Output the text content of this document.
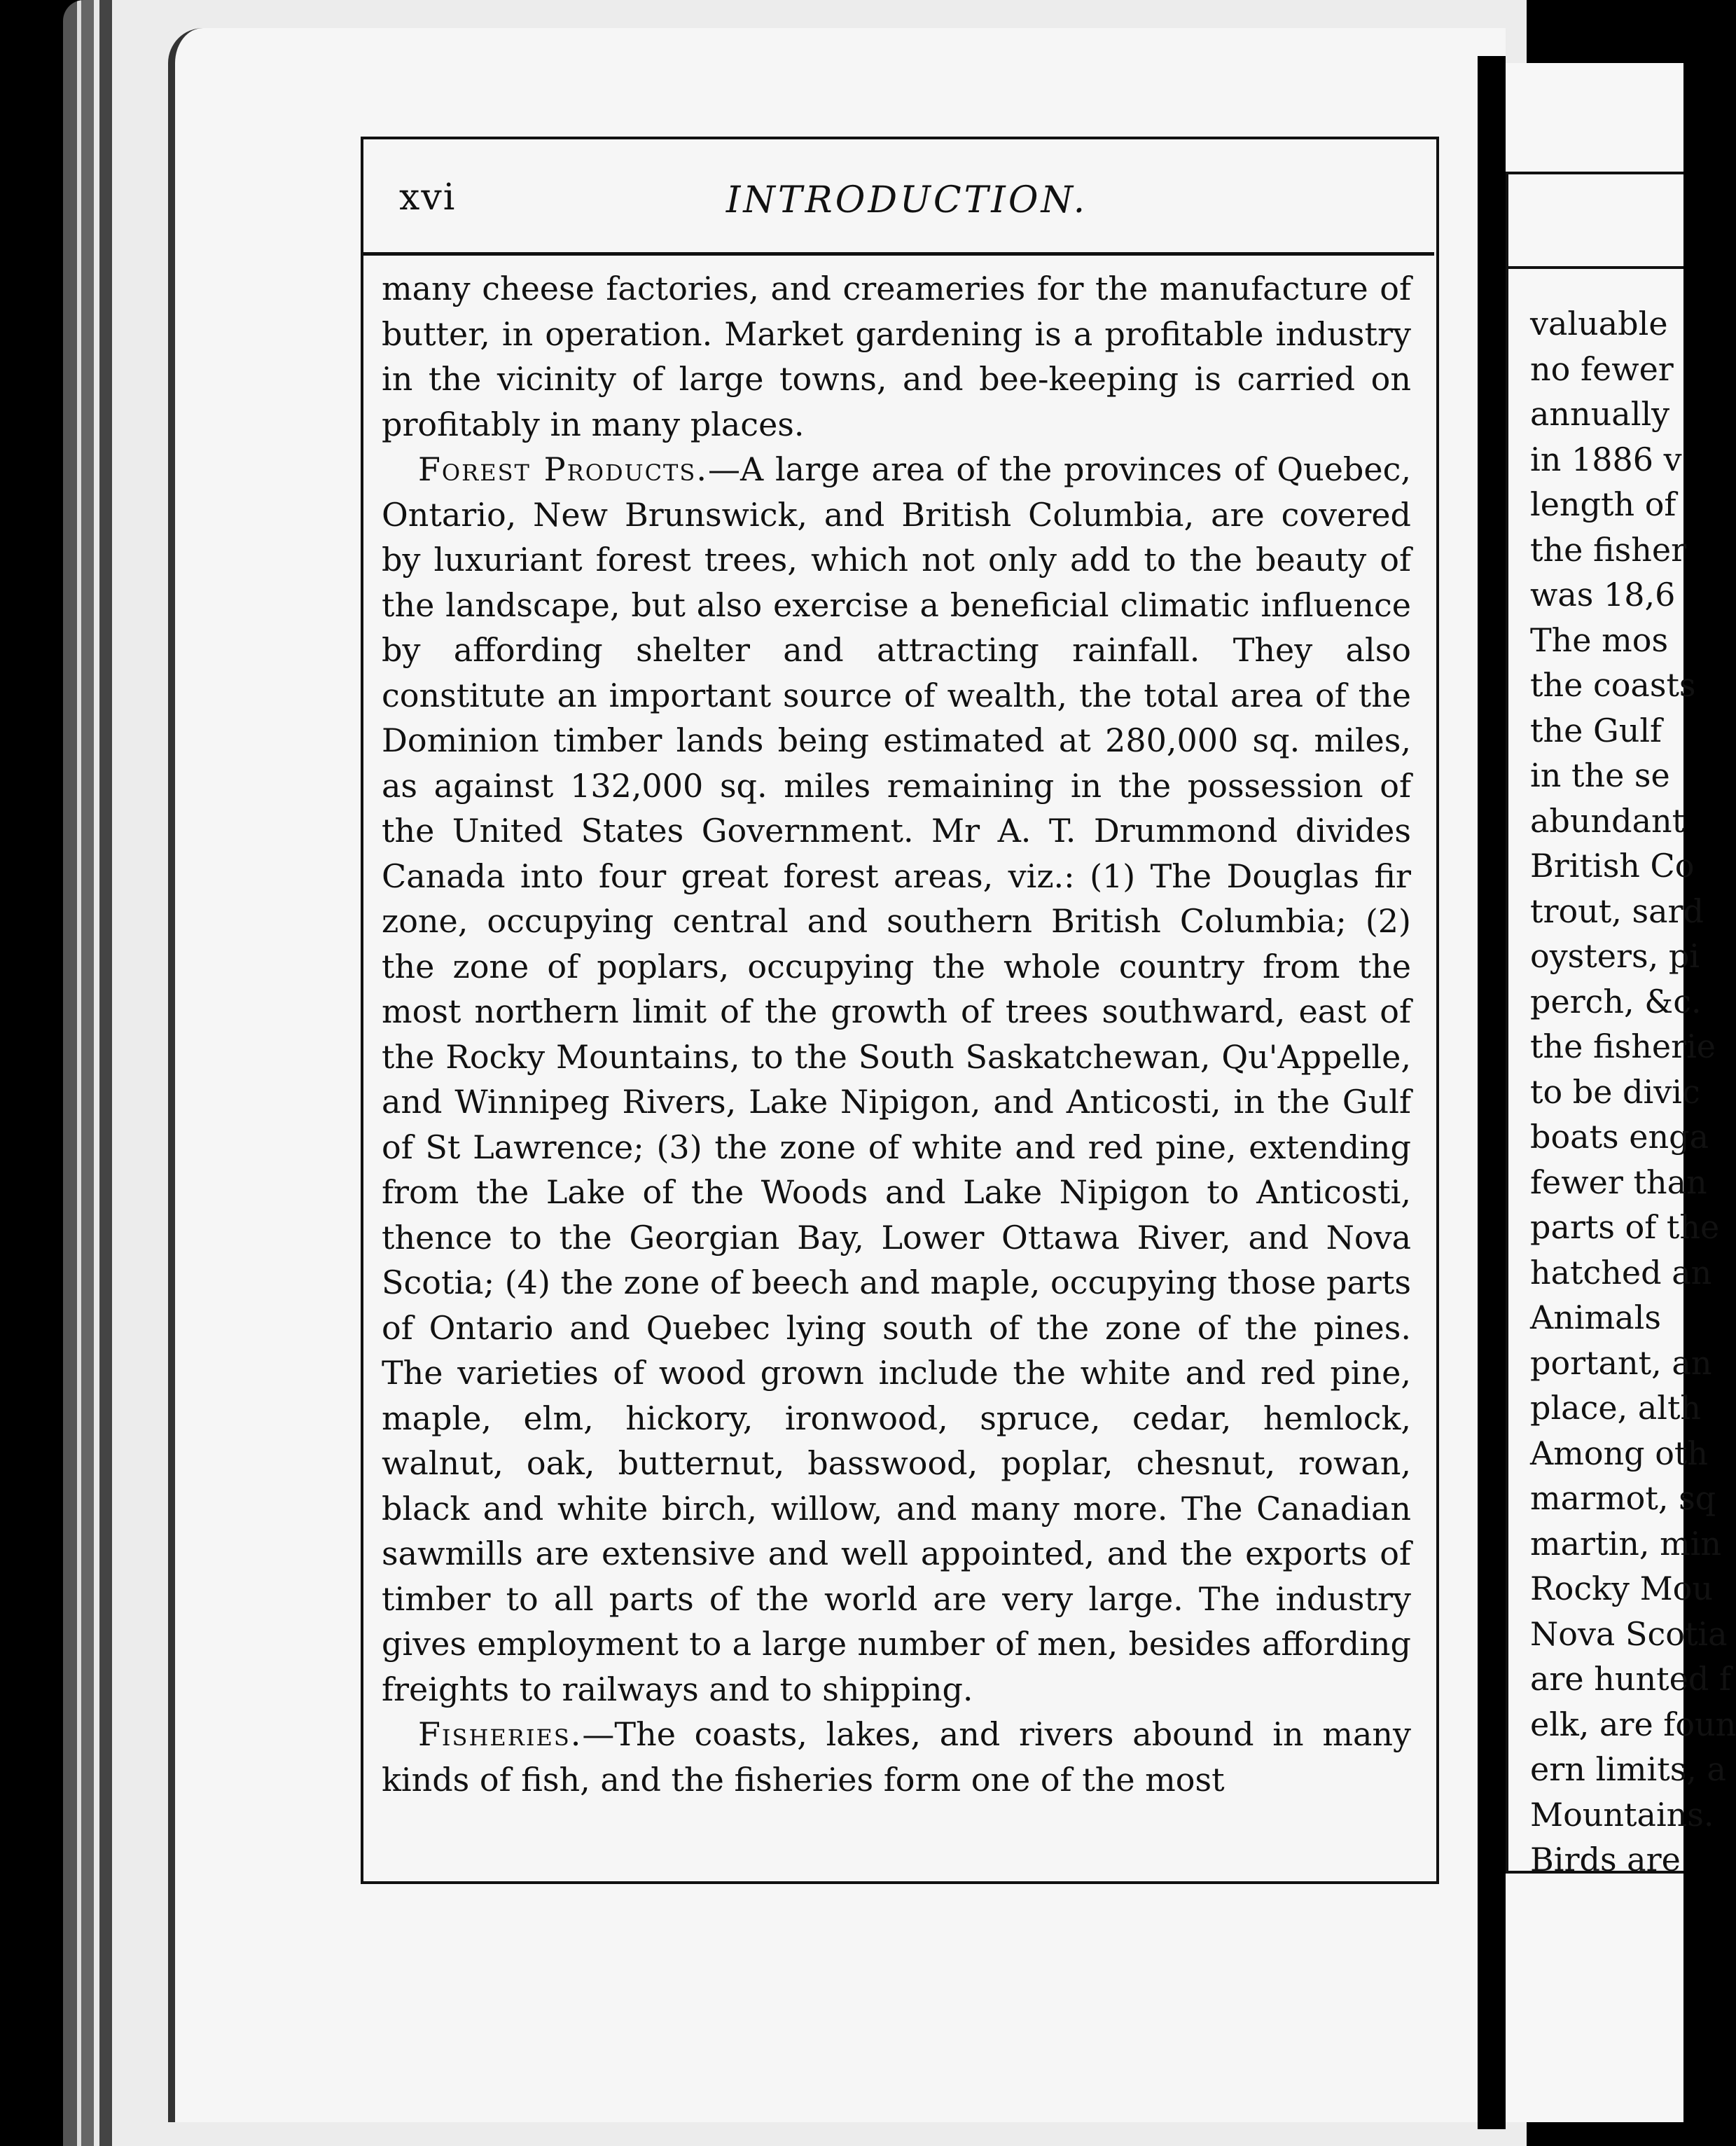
xvi	INTRODUCTION.

many cheese factories, and creameries for the manufacture of butter, in operation. Market gardening is a profitable industry in the vicinity of large towns, and bee-keeping is carried on profitably in many places.

Forest Products.—A large area of the provinces of Quebec, Ontario, New Brunswick, and British Columbia, are covered by luxuriant forest trees, which not only add to the beauty of the landscape, but also exercise a beneficial climatic influence by affording shelter and attracting rainfall. They also constitute an important source of wealth, the total area of the Dominion timber lands being estimated at 280,000 sq. miles, as against 132,000 sq. miles remaining in the possession of the United States Government. Mr A. T. Drummond divides Canada into four great forest areas, viz.: (1) The Douglas fir zone, occupying central and southern British Columbia; (2) the zone of poplars, occupying the whole country from the most northern limit of the growth of trees southward, east of the Rocky Mountains, to the South Saskatchewan, Qu'Appelle, and Winnipeg Rivers, Lake Nipigon, and Anticosti, in the Gulf of St Lawrence; (3) the zone of white and red pine, extending from the Lake of the Woods and Lake Nipigon to Anticosti, thence to the Georgian Bay, Lower Ottawa River, and Nova Scotia; (4) the zone of beech and maple, occupying those parts of Ontario and Quebec lying south of the zone of the pines. The varieties of wood grown include the white and red pine, maple, elm, hickory, ironwood, spruce, cedar, hemlock, walnut, oak, butternut, basswood, poplar, chesnut, rowan, black and white birch, willow, and many more. The Canadian sawmills are extensive and well appointed, and the exports of timber to all parts of the world are very large. The industry gives employment to a large number of men, besides affording freights to railways and to shipping.

Fisheries.—The coasts, lakes, and rivers abound in many kinds of fish, and the fisheries form one of the most

valuable
no fewer
annually
in 1886 v
length of
the fisher
was 18,6
The mos
the coasts
the Gulf
in the se
abundant
British Co
trout, sard
oysters, pi
perch, &c.
the fisherie
to be divic
boats enga
fewer than
parts of the
hatched an
Animals
portant, an
place, alth
Among oth
marmot, sq
martin, min
Rocky Mou
Nova Scotia
are hunted f
elk, are foun
ern limits, a
Mountains.
Birds are
